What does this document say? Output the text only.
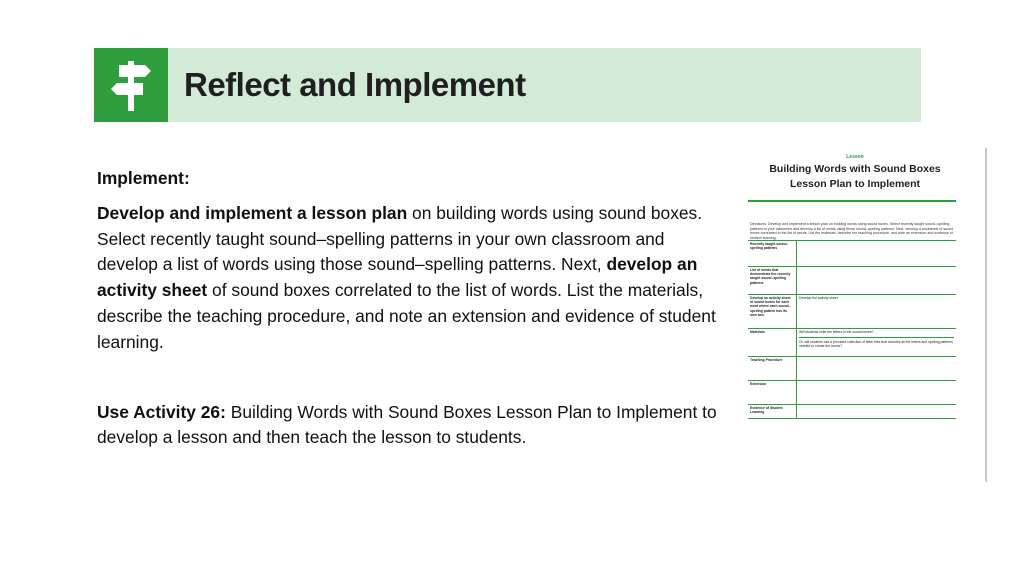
Reflect and Implement

Implement:

Develop and implement a lesson plan on building words using sound boxes. Select recently taught sound–spelling patterns in your own classroom and develop a list of words using those sound–spelling patterns. Next, develop an activity sheet of sound boxes correlated to the list of words. List the materials, describe the teaching procedure, and note an extension and evidence of student learning.

Use Activity 26: Building Words with Sound Boxes Lesson Plan to Implement to develop a lesson and then teach the lesson to students.

Lesson
Building Words with Sound Boxes
Lesson Plan to Implement
Directions: Develop and implement a lesson plan on building words using sound boxes. Select recently taught sound–spelling patterns in your classroom and develop a list of words using those sound–spelling patterns. Next, develop a worksheet of sound boxes correlated to the list of words. List the materials, describe the teaching procedure, and note an extension and evidence of student learning.
Recently taught sound–spelling patterns	
List of words that demonstrate the recently taught sound–spelling patterns	
Develop an activity sheet of sound boxes for each word where each sound–spelling pattern has its own box.	Develop the activity sheet.
Materials	Will students write the letters in the sound boxes?
Or, will students use a provided collection of letter tiles that includes all the letters and spelling patterns needed to create the words?

Teaching Procedure	
Extension	
Evidence of Student Learning	
